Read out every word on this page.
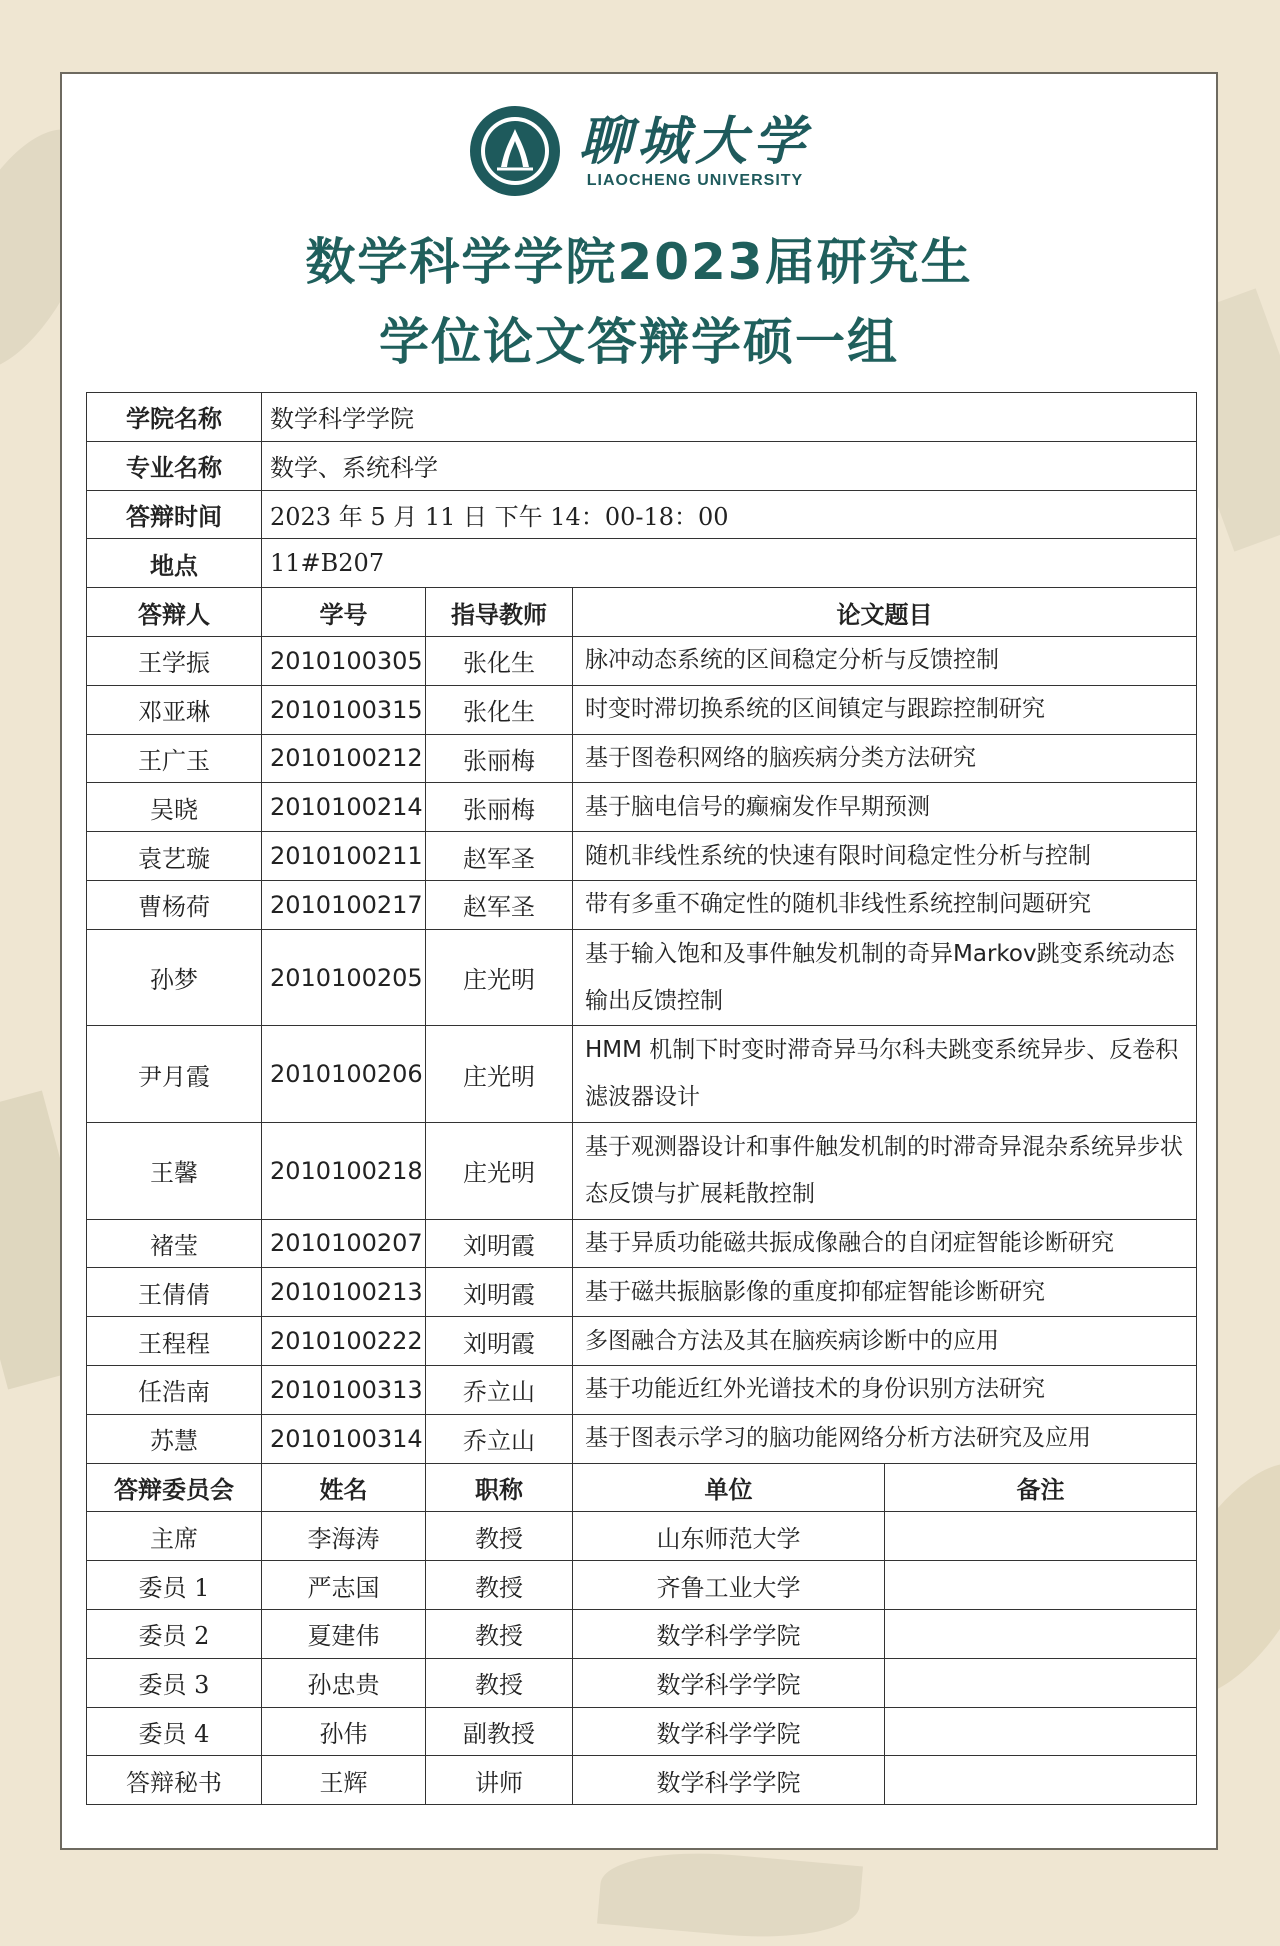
聊城大学
LIAOCHENG UNIVERSITY
数学科学学院2023届研究生
学位论文答辩学硕一组
学院名称	数学科学学院			
专业名称	数学、系统科学			
答辩时间	2023 年 5 月 11 日 下午 14：00-18：00			
地点	11#B207			
答辩人	学号	指导教师	论文题目	
王学振	2010100305	张化生	脉冲动态系统的区间稳定分析与反馈控制	
邓亚琳	2010100315	张化生	时变时滞切换系统的区间镇定与跟踪控制研究	
王广玉	2010100212	张丽梅	基于图卷积网络的脑疾病分类方法研究	
吴晓	2010100214	张丽梅	基于脑电信号的癫痫发作早期预测	
袁艺璇	2010100211	赵军圣	随机非线性系统的快速有限时间稳定性分析与控制	
曹杨荷	2010100217	赵军圣	带有多重不确定性的随机非线性系统控制问题研究	
孙梦	2010100205	庄光明	基于输入饱和及事件触发机制的奇异Markov跳变系统动态输出反馈控制	
尹月霞	2010100206	庄光明	HMM 机制下时变时滞奇异马尔科夫跳变系统异步、反卷积滤波器设计	
王馨	2010100218	庄光明	基于观测器设计和事件触发机制的时滞奇异混杂系统异步状态反馈与扩展耗散控制	
褚莹	2010100207	刘明霞	基于异质功能磁共振成像融合的自闭症智能诊断研究	
王倩倩	2010100213	刘明霞	基于磁共振脑影像的重度抑郁症智能诊断研究	
王程程	2010100222	刘明霞	多图融合方法及其在脑疾病诊断中的应用	
任浩南	2010100313	乔立山	基于功能近红外光谱技术的身份识别方法研究	
苏慧	2010100314	乔立山	基于图表示学习的脑功能网络分析方法研究及应用	
答辩委员会	姓名	职称	单位	备注
主席	李海涛	教授	山东师范大学	
委员 1	严志国	教授	齐鲁工业大学	
委员 2	夏建伟	教授	数学科学学院	
委员 3	孙忠贵	教授	数学科学学院	
委员 4	孙伟	副教授	数学科学学院	
答辩秘书	王辉	讲师	数学科学学院	
